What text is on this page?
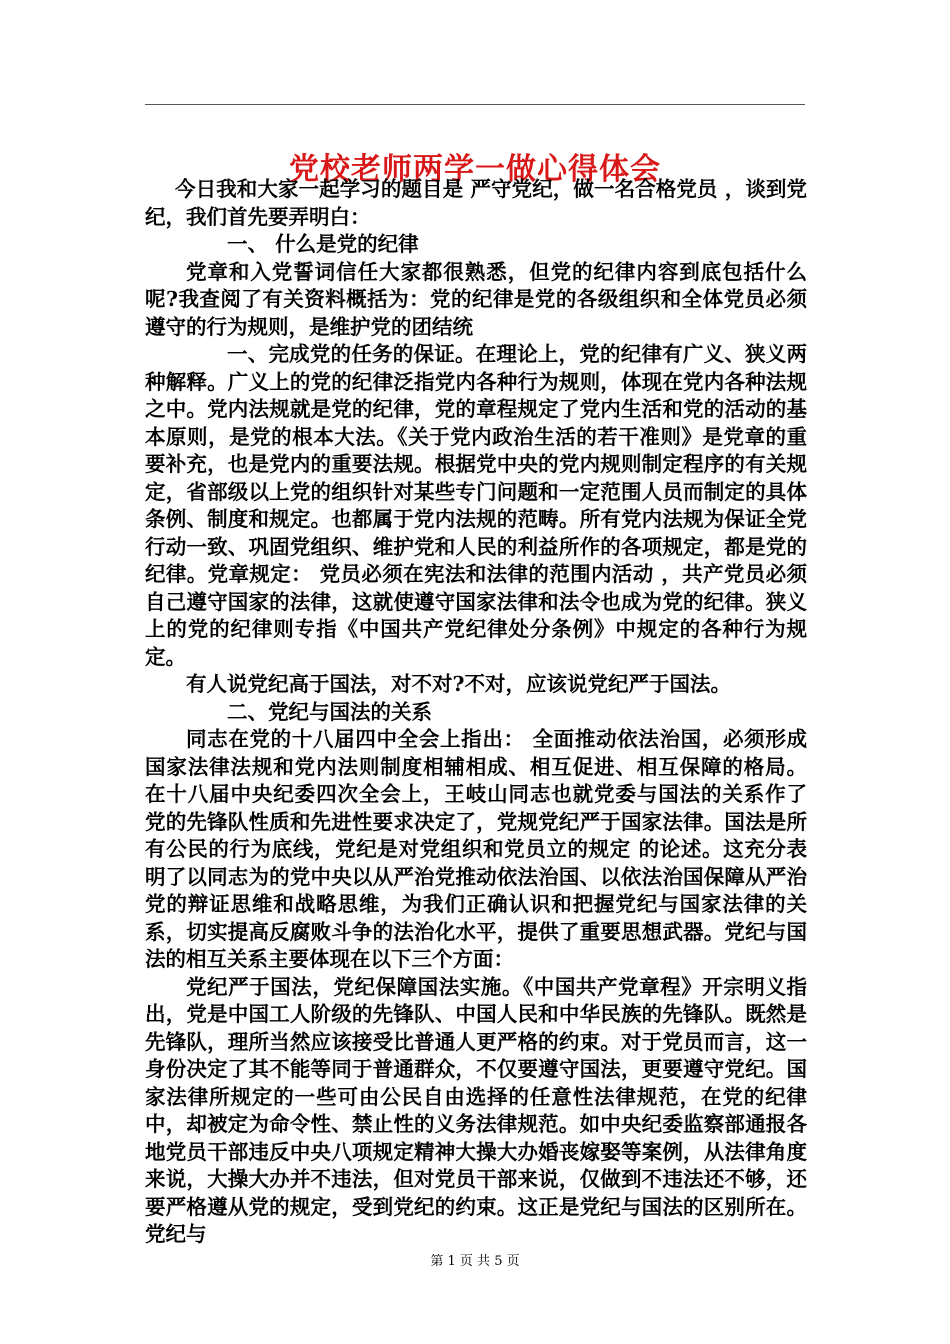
党校老师两学一做心得体会

今日我和大家一起学习的题目是 严守党纪，做一名合格党员 ，谈到党纪，我们首先要弄明白：

一、 什么是党的纪律

党章和入党誓词信任大家都很熟悉，但党的纪律内容到底包括什么呢?我查阅了有关资料概括为：党的纪律是党的各级组织和全体党员必须遵守的行为规则，是维护党的团结统

一、完成党的任务的保证。在理论上，党的纪律有广义、狭义两种解释。广义上的党的纪律泛指党内各种行为规则，体现在党内各种法规之中。党内法规就是党的纪律，党的章程规定了党内生活和党的活动的基本原则，是党的根本大法。《关于党内政治生活的若干准则》是党章的重要补充，也是党内的重要法规。根据党中央的党内规则制定程序的有关规定，省部级以上党的组织针对某些专门问题和一定范围人员而制定的具体条例、制度和规定。也都属于党内法规的范畴。所有党内法规为保证全党行动一致、巩固党组织、维护党和人民的利益所作的各项规定，都是党的纪律。党章规定： 党员必须在宪法和法律的范围内活动 ，共产党员必须自己遵守国家的法律，这就使遵守国家法律和法令也成为党的纪律。狭义上的党的纪律则专指《中国共产党纪律处分条例》中规定的各种行为规定。

有人说党纪高于国法，对不对?不对，应该说党纪严于国法。

二、党纪与国法的关系

同志在党的十八届四中全会上指出： 全面推动依法治国，必须形成国家法律法规和党内法则制度相辅相成、相互促进、相互保障的格局。 在十八届中央纪委四次全会上，王岐山同志也就党委与国法的关系作了 党的先锋队性质和先进性要求决定了，党规党纪严于国家法律。国法是所有公民的行为底线，党纪是对党组织和党员立的规定 的论述。这充分表明了以同志为的党中央以从严治党推动依法治国、以依法治国保障从严治党的辩证思维和战略思维，为我们正确认识和把握党纪与国家法律的关系，切实提高反腐败斗争的法治化水平，提供了重要思想武器。党纪与国法的相互关系主要体现在以下三个方面：

党纪严于国法，党纪保障国法实施。《中国共产党章程》开宗明义指出，党是中国工人阶级的先锋队、中国人民和中华民族的先锋队。既然是先锋队，理所当然应该接受比普通人更严格的约束。对于党员而言，这一身份决定了其不能等同于普通群众，不仅要遵守国法，更要遵守党纪。国家法律所规定的一些可由公民自由选择的任意性法律规范，在党的纪律中，却被定为命令性、禁止性的义务法律规范。如中央纪委监察部通报各地党员干部违反中央八项规定精神大操大办婚丧嫁娶等案例，从法律角度来说，大操大办并不违法，但对党员干部来说，仅做到不违法还不够，还要严格遵从党的规定，受到党纪的约束。这正是党纪与国法的区别所在。党纪与

第 1 页 共 5 页
